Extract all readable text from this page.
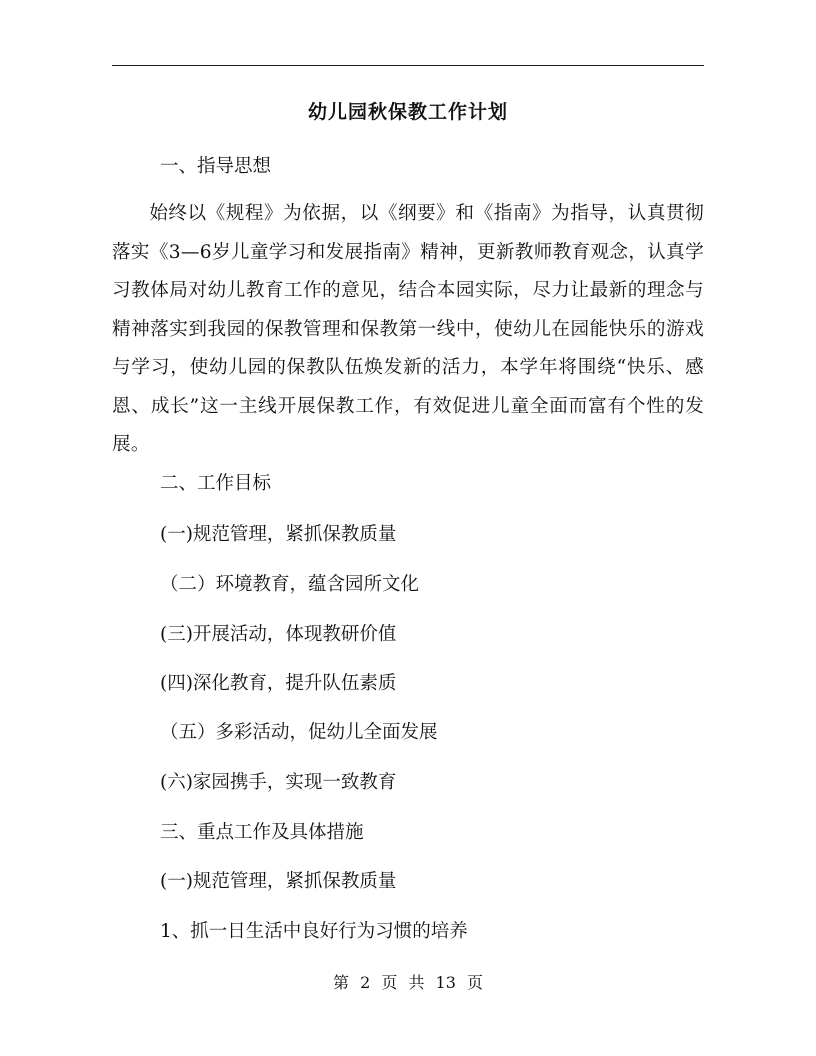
幼儿园秋保教工作计划
一、指导思想
始终以《规程》为依据，以《纲要》和《指南》为指导，认真贯彻落实《3—6岁儿童学习和发展指南》精神，更新教师教育观念，认真学习教体局对幼儿教育工作的意见，结合本园实际，尽力让最新的理念与精神落实到我园的保教管理和保教第一线中，使幼儿在园能快乐的游戏与学习，使幼儿园的保教队伍焕发新的活力，本学年将围绕“快乐、感恩、成长”这一主线开展保教工作，有效促进儿童全面而富有个性的发展。
二、工作目标
(一)规范管理，紧抓保教质量
（二）环境教育，蕴含园所文化
(三)开展活动，体现教研价值
(四)深化教育，提升队伍素质
（五）多彩活动，促幼儿全面发展
(六)家园携手，实现一致教育
三、重点工作及具体措施
(一)规范管理，紧抓保教质量
1、抓一日生活中良好行为习惯的培养
第 2 页 共 13 页
